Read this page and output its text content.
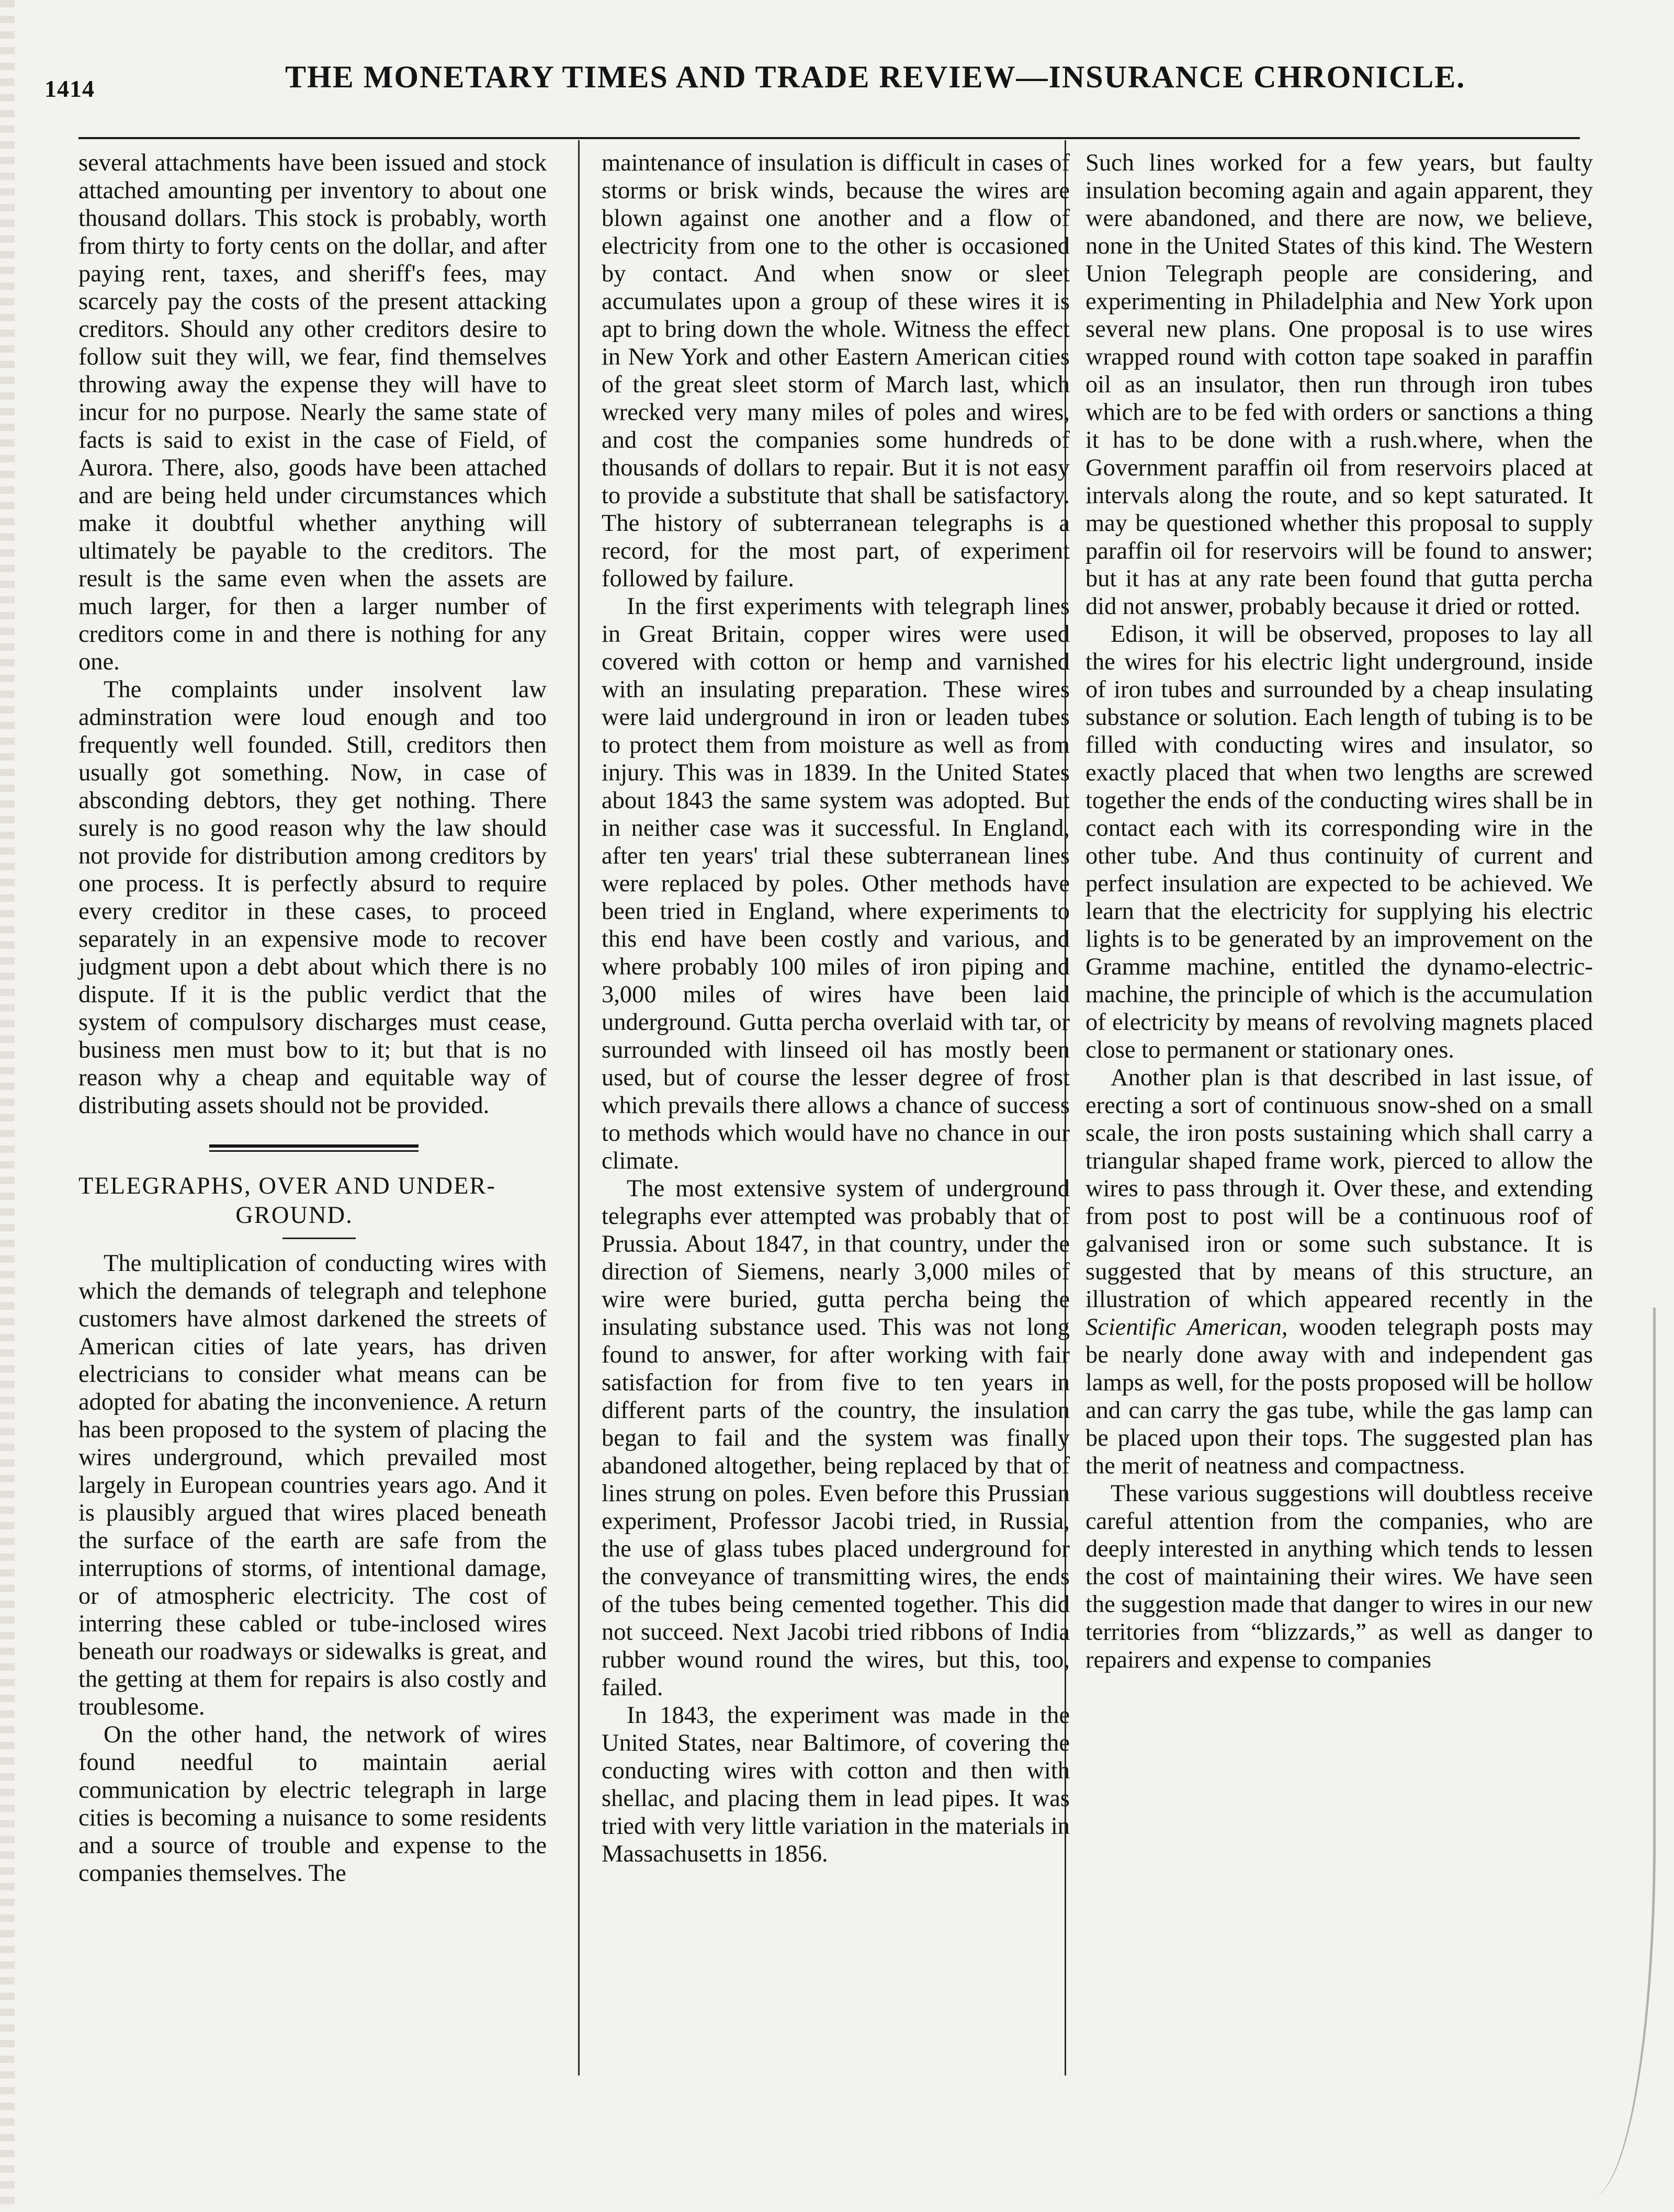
1414	THE MONETARY TIMES AND TRADE REVIEW—INSURANCE CHRONICLE.

several attachments have been issued and stock attached amounting per inventory to about one thousand dollars. This stock is probably, worth from thirty to forty cents on the dollar, and after paying rent, taxes, and sheriff's fees, may scarcely pay the costs of the present attacking creditors. Should any other creditors desire to follow suit they will, we fear, find themselves throwing away the expense they will have to incur for no purpose. Nearly the same state of facts is said to exist in the case of Field, of Aurora. There, also, goods have been attached and are being held under circumstances which make it doubtful whether anything will ultimately be payable to the creditors. The result is the same even when the assets are much larger, for then a larger number of creditors come in and there is nothing for any one.

The complaints under insolvent law adminstration were loud enough and too frequently well founded. Still, creditors then usually got something. Now, in case of absconding debtors, they get nothing. There surely is no good reason why the law should not provide for distribution among creditors by one process. It is perfectly absurd to require every creditor in these cases, to proceed separately in an expensive mode to recover judgment upon a debt about which there is no dispute. If it is the public verdict that the system of compulsory discharges must cease, business men must bow to it; but that is no reason why a cheap and equitable way of distributing assets should not be provided.

TELEGRAPHS, OVER AND UNDER-
GROUND.

The multiplication of conducting wires with which the demands of telegraph and telephone customers have almost darkened the streets of American cities of late years, has driven electricians to consider what means can be adopted for abating the inconvenience. A return has been proposed to the system of placing the wires underground, which prevailed most largely in European countries years ago. And it is plausibly argued that wires placed beneath the surface of the earth are safe from the interruptions of storms, of intentional damage, or of atmospheric electricity. The cost of interring these cabled or tube-inclosed wires beneath our roadways or sidewalks is great, and the getting at them for repairs is also costly and troublesome.

On the other hand, the network of wires found needful to maintain aerial communication by electric telegraph in large cities is becoming a nuisance to some residents and a source of trouble and expense to the companies themselves. The

maintenance of insulation is difficult in cases of storms or brisk winds, because the wires are blown against one another and a flow of electricity from one to the other is occasioned by contact. And when snow or sleet accumulates upon a group of these wires it is apt to bring down the whole. Witness the effect in New York and other Eastern American cities of the great sleet storm of March last, which wrecked very many miles of poles and wires, and cost the companies some hundreds of thousands of dollars to repair. But it is not easy to provide a substitute that shall be satisfactory. The history of subterranean telegraphs is a record, for the most part, of experiment followed by failure.

In the first experiments with telegraph lines in Great Britain, copper wires were used covered with cotton or hemp and varnished with an insulating preparation. These wires were laid underground in iron or leaden tubes to protect them from moisture as well as from injury. This was in 1839. In the United States about 1843 the same system was adopted. But in neither case was it successful. In England, after ten years' trial these subterranean lines were replaced by poles. Other methods have been tried in England, where experiments to this end have been costly and various, and where probably 100 miles of iron piping and 3,000 miles of wires have been laid underground. Gutta percha overlaid with tar, or surrounded with linseed oil has mostly been used, but of course the lesser degree of frost which prevails there allows a chance of success to methods which would have no chance in our climate.

The most extensive system of underground telegraphs ever attempted was probably that of Prussia. About 1847, in that country, under the direction of Siemens, nearly 3,000 miles of wire were buried, gutta percha being the insulating substance used. This was not long found to answer, for after working with fair satisfaction for from five to ten years in different parts of the country, the insulation began to fail and the system was finally abandoned altogether, being replaced by that of lines strung on poles. Even before this Prussian experiment, Professor Jacobi tried, in Russia, the use of glass tubes placed underground for the conveyance of transmitting wires, the ends of the tubes being cemented together. This did not succeed. Next Jacobi tried ribbons of India rubber wound round the wires, but this, too, failed.

In 1843, the experiment was made in the United States, near Baltimore, of covering the conducting wires with cotton and then with shellac, and placing them in lead pipes. It was tried with very little variation in the materials in Massachusetts in 1856.

Such lines worked for a few years, but faulty insulation becoming again and again apparent, they were abandoned, and there are now, we believe, none in the United States of this kind. The Western Union Telegraph people are considering, and experimenting in Philadelphia and New York upon several new plans. One proposal is to use wires wrapped round with cotton tape soaked in paraffin oil as an insulator, then run through iron tubes which are to be fed with orders or sanctions a thing it has to be done with a rush.where, when the Government paraffin oil from reservoirs placed at intervals along the route, and so kept saturated. It may be questioned whether this proposal to supply paraffin oil for reservoirs will be found to answer; but it has at any rate been found that gutta percha did not answer, probably because it dried or rotted.

Edison, it will be observed, proposes to lay all the wires for his electric light underground, inside of iron tubes and surrounded by a cheap insulating substance or solution. Each length of tubing is to be filled with conducting wires and insulator, so exactly placed that when two lengths are screwed together the ends of the conducting wires shall be in contact each with its corresponding wire in the other tube. And thus continuity of current and perfect insulation are expected to be achieved. We learn that the electricity for supplying his electric lights is to be generated by an improvement on the Gramme machine, entitled the dynamo-electric-machine, the principle of which is the accumulation of electricity by means of revolving magnets placed close to permanent or stationary ones.

Another plan is that described in last issue, of erecting a sort of continuous snow-shed on a small scale, the iron posts sustaining which shall carry a triangular shaped frame work, pierced to allow the wires to pass through it. Over these, and extending from post to post will be a continuous roof of galvanised iron or some such substance. It is suggested that by means of this structure, an illustration of which appeared recently in the Scientific American, wooden telegraph posts may be nearly done away with and independent gas lamps as well, for the posts proposed will be hollow and can carry the gas tube, while the gas lamp can be placed upon their tops. The suggested plan has the merit of neatness and compactness.

These various suggestions will doubtless receive careful attention from the companies, who are deeply interested in anything which tends to lessen the cost of maintaining their wires. We have seen the suggestion made that danger to wires in our new territories from “blizzards,” as well as danger to repairers and expense to companies
